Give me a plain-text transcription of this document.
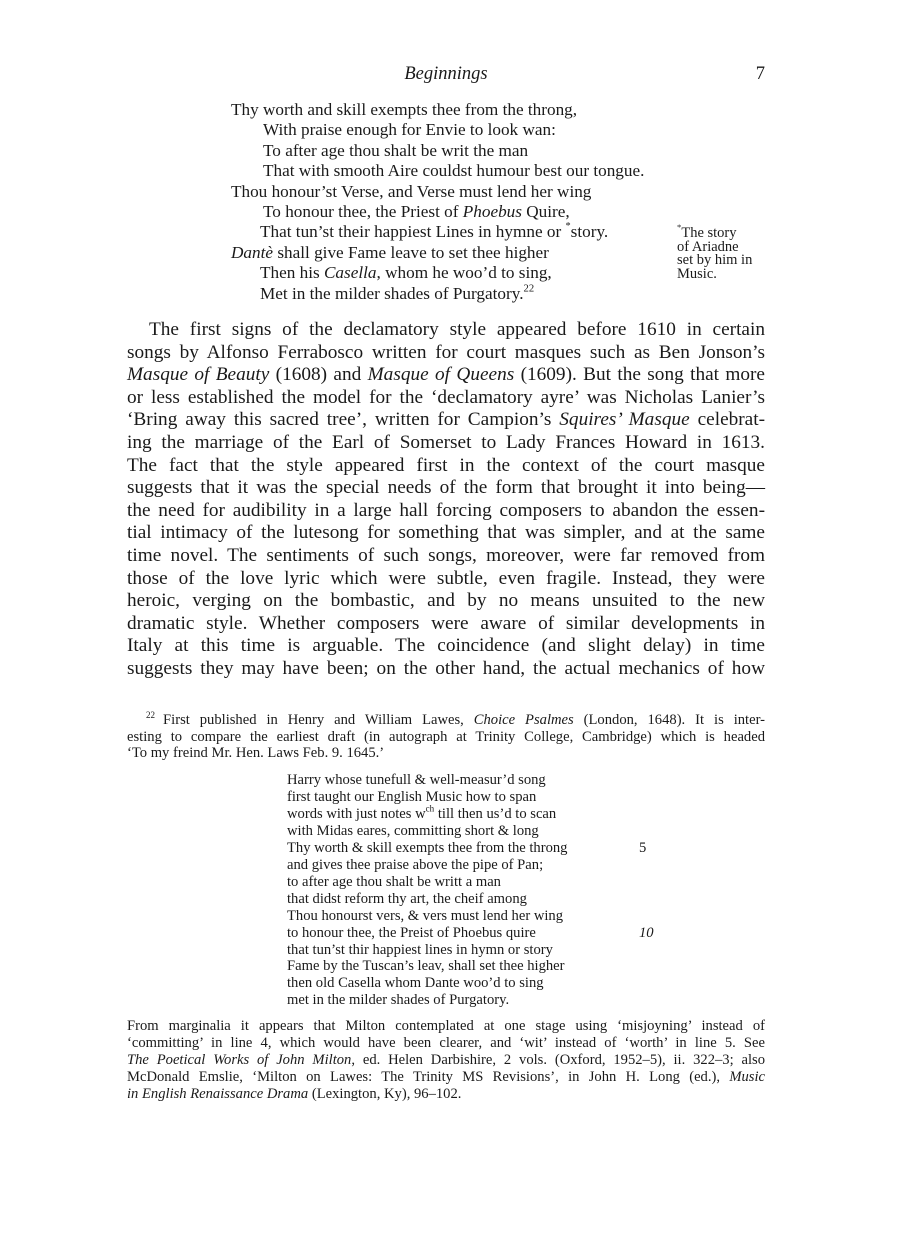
Beginnings	7
Thy worth and skill exempts thee from the throng,
With praise enough for Envie to look wan:
To after age thou shalt be writ the man
That with smooth Aire couldst humour best our tongue.
Thou honour’st Verse, and Verse must lend her wing
To honour thee, the Priest of Phoebus Quire,
That tun’st their happiest Lines in hymne or *story.
Dantè shall give Fame leave to set thee higher
Then his Casella, whom he woo’d to sing,
Met in the milder shades of Purgatory.$^{22}$
*The story
of Ariadne
set by him in
Music.
The first signs of the declamatory style appeared before 1610 in certain
songs by Alfonso Ferrabosco written for court masques such as Ben Jonson’s
Masque of Beauty (1608) and Masque of Queens (1609). But the song that more
or less established the model for the ‘declamatory ayre’ was Nicholas Lanier’s
‘Bring away this sacred tree’, written for Campion’s Squires’ Masque celebrat-
ing the marriage of the Earl of Somerset to Lady Frances Howard in 1613.
The fact that the style appeared first in the context of the court masque
suggests that it was the special needs of the form that brought it into being—
the need for audibility in a large hall forcing composers to abandon the essen-
tial intimacy of the lutesong for something that was simpler, and at the same
time novel. The sentiments of such songs, moreover, were far removed from
those of the love lyric which were subtle, even fragile. Instead, they were
heroic, verging on the bombastic, and by no means unsuited to the new
dramatic style. Whether composers were aware of similar developments in
Italy at this time is arguable. The coincidence (and slight delay) in time
suggests they may have been; on the other hand, the actual mechanics of how
$^{22}$ First published in Henry and William Lawes, Choice Psalmes (London, 1648). It is inter-
esting to compare the earliest draft (in autograph at Trinity College, Cambridge) which is headed
‘To my freind Mr. Hen. Laws Feb. 9. 1645.’
Harry whose tunefull & well-measur’d song
first taught our English Music how to span
words with just notes $w^{ch}$ till then us’d to scan
with Midas eares, committing short & long
Thy worth & skill exempts thee from the throng	5
and gives thee praise above the pipe of Pan;
to after age thou shalt be writt a man
that didst reform thy art, the cheif among
Thou honourst vers, & vers must lend her wing
to honour thee, the Preist of Phoebus quire	10
that tun’st thir happiest lines in hymn or story
Fame by the Tuscan’s leav, shall set thee higher
then old Casella whom Dante woo’d to sing
met in the milder shades of Purgatory.
From marginalia it appears that Milton contemplated at one stage using ‘misjoyning’ instead of
‘committing’ in line 4, which would have been clearer, and ‘wit’ instead of ‘worth’ in line 5. See
The Poetical Works of John Milton, ed. Helen Darbishire, 2 vols. (Oxford, 1952–5), ii. 322–3; also
McDonald Emslie, ‘Milton on Lawes: The Trinity MS Revisions’, in John H. Long (ed.), Music
in English Renaissance Drama (Lexington, Ky), 96–102.
